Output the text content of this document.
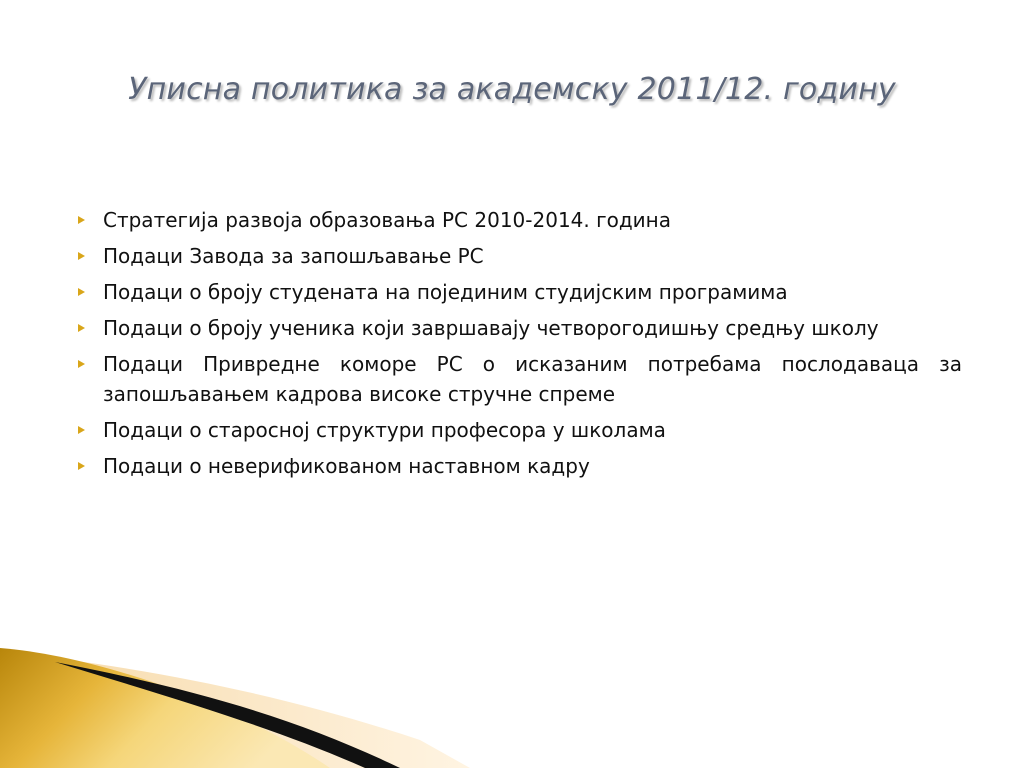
Уписна политика за академску 2011/12. годину
Стратегија развоја образовања РС 2010-2014. година
Подаци Завода за запошљавање РС
Подаци о броју студената на појединим студијским програмима
Подаци о броју ученика који завршавају четворогодишњу средњу школу
Подаци Привредне коморе РС о исказаним потребама послодаваца за запошљавањем кадрова високе стручне спреме
Подаци о старосној структури професора у школама
Подаци о неверификованом наставном кадру
